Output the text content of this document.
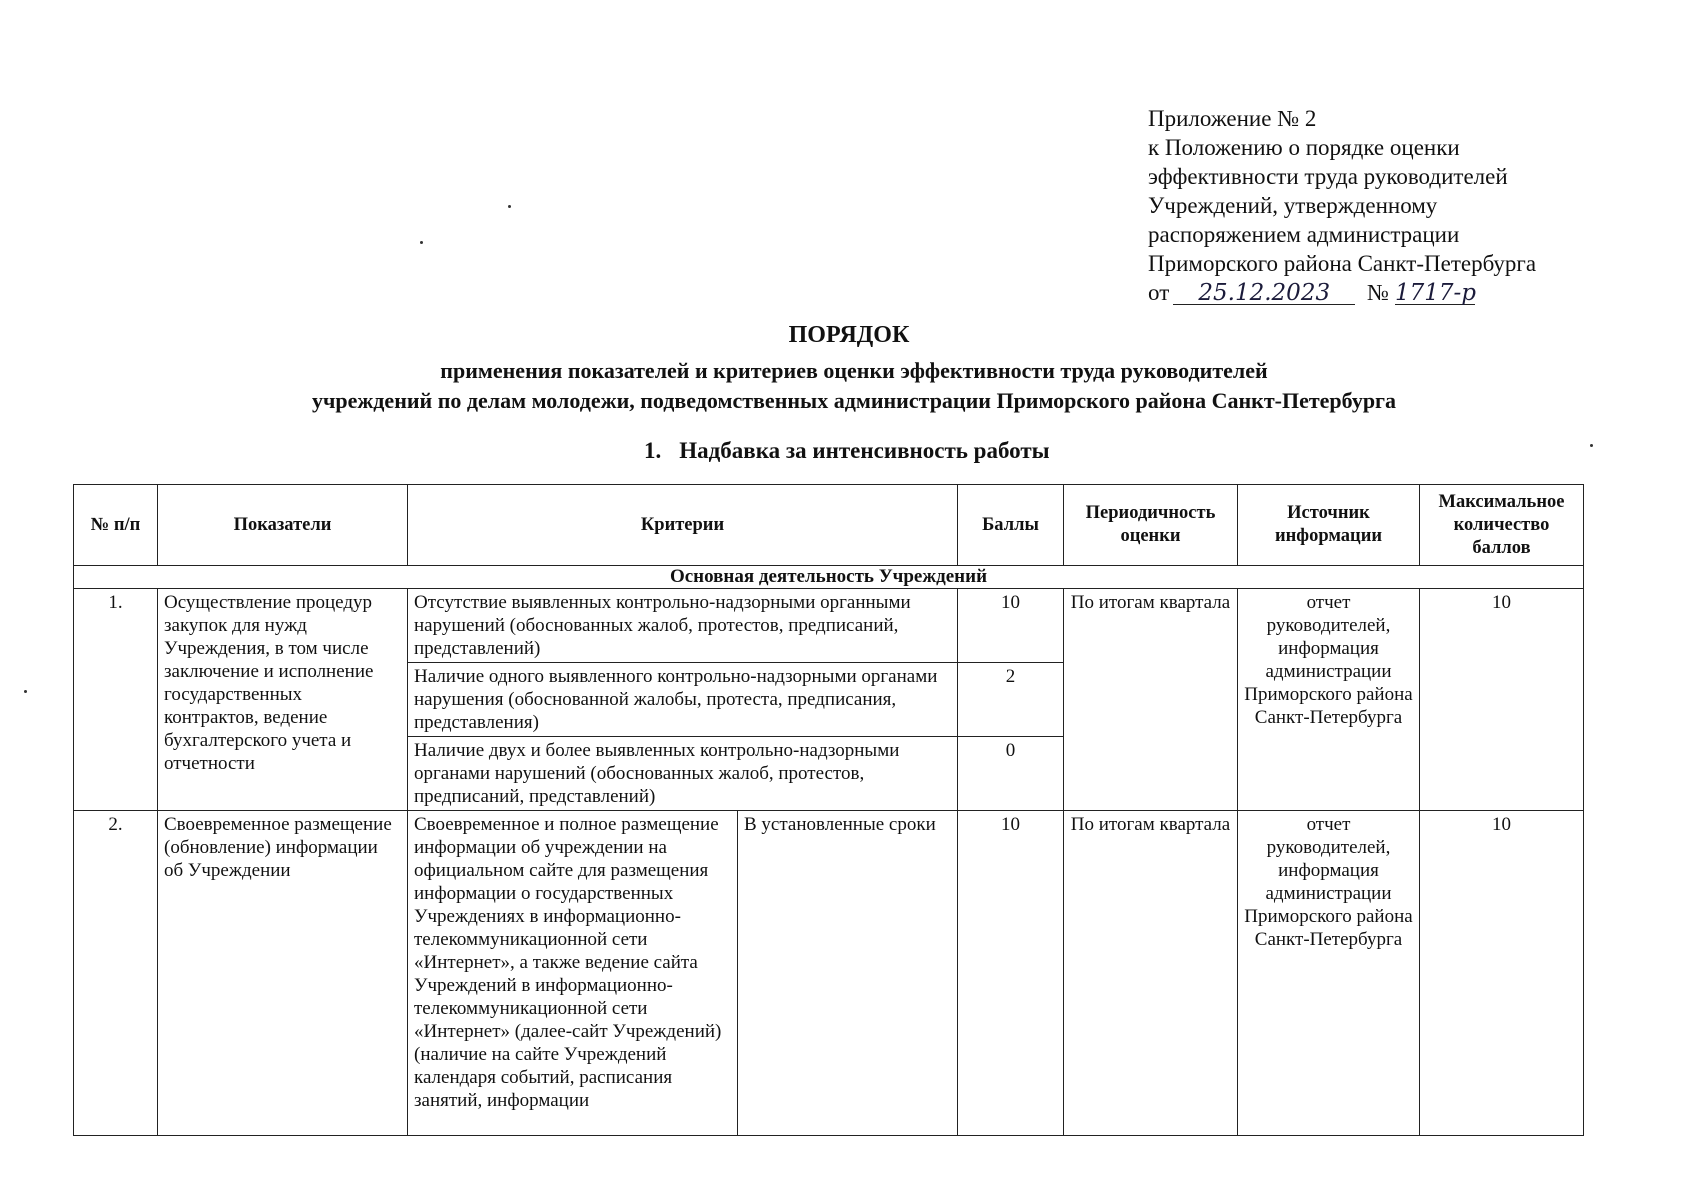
Приложение № 2
к Положению о порядке оценки
эффективности труда руководителей
Учреждений, утвержденному
распоряжением администрации
Приморского района Санкт-Петербурга
от 25.12.2023 № 1717-р
ПОРЯДОК

применения показателей и критериев оценки эффективности труда руководителей

учреждений по делам молодежи, подведомственных администрации Приморского района Санкт-Петербурга

1. Надбавка за интенсивность работы
№ п/п	Показатели	Критерии		Баллы	Периодичность оценки	Источник информации	Максимальное количество баллов
Основная деятельность Учреждений							
1.	Осуществление процедур закупок для нужд Учреждения, в том числе заключение и исполнение государственных контрактов, ведение бухгалтерского учета и отчетности	Отсутствие выявленных контрольно-надзорными органными нарушений (обоснованных жалоб, протестов, предписаний, представлений)		10	По итогам квартала	отчет руководителей, информация администрации Приморского района Санкт-Петербурга	10
		Наличие одного выявленного контрольно-надзорными органами нарушения (обоснованной жалобы, протеста, предписания, представления)		2			
		Наличие двух и более выявленных контрольно-надзорными органами нарушений (обоснованных жалоб, протестов, предписаний, представлений)		0			
2.	Своевременное размещение (обновление) информации об Учреждении	Своевременное и полное размещение информации об учреждении на официальном сайте для размещения информации о государственных Учреждениях в информационно-телекоммуникационной сети «Интернет», а также ведение сайта Учреждений в информационно-телекоммуникационной сети «Интернет» (далее-сайт Учреждений) (наличие на сайте Учреждений календаря событий, расписания занятий, информации	В установленные сроки	10	По итогам квартала	отчет руководителей, информация администрации Приморского района Санкт-Петербурга	10
